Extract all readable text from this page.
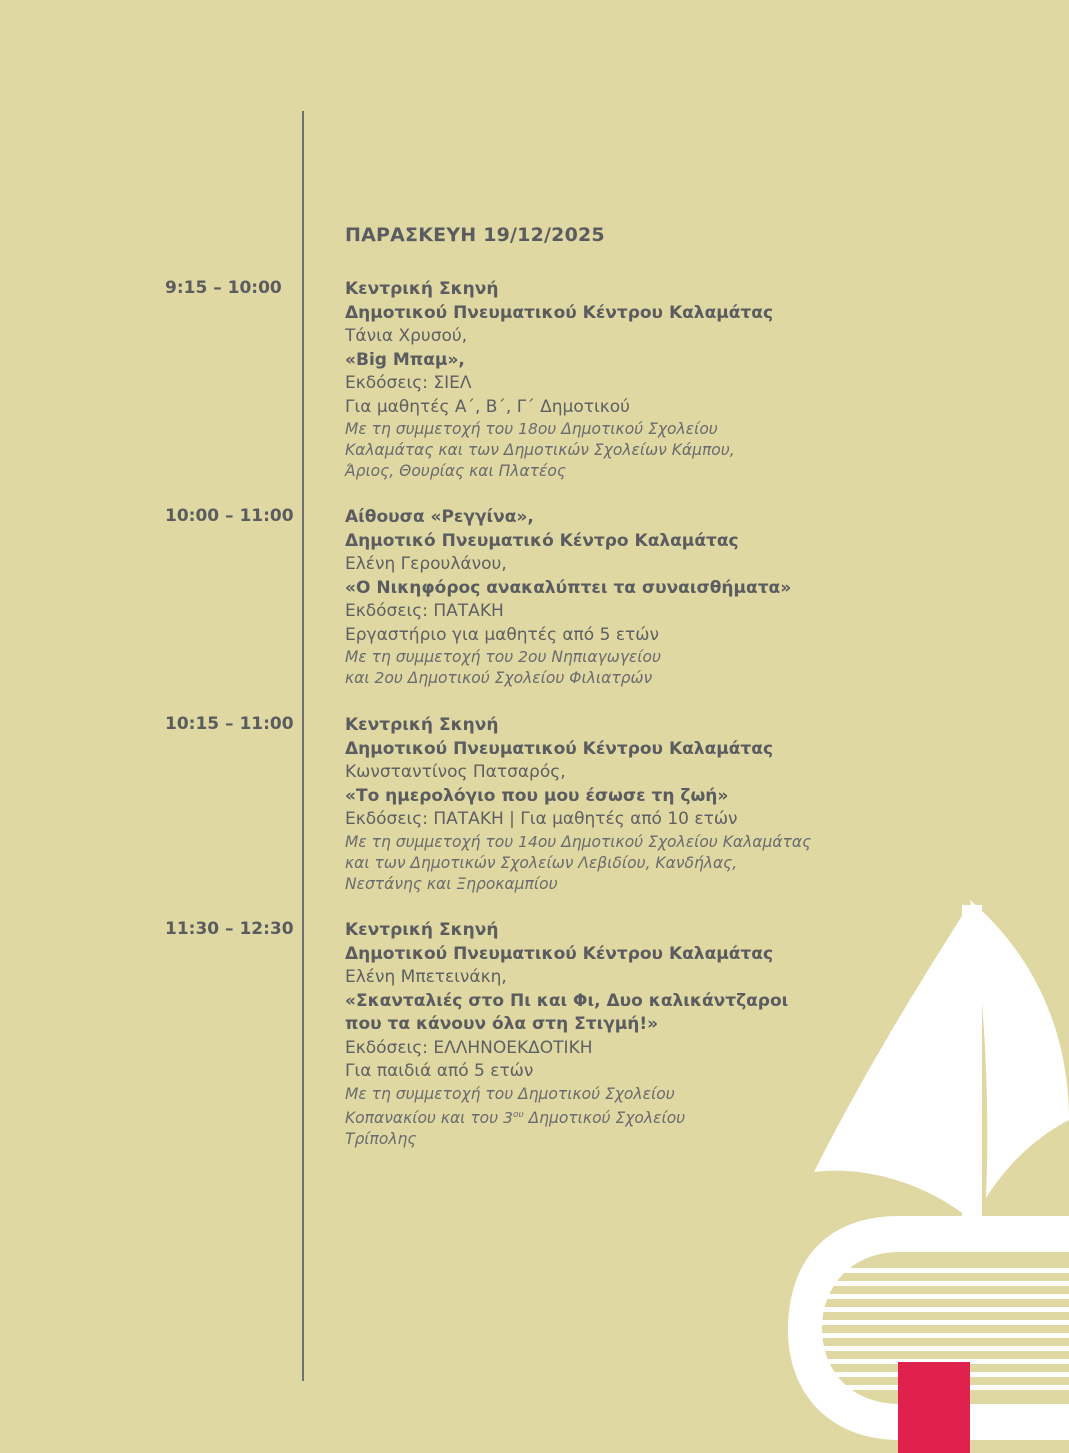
ΠΑΡΑΣΚΕΥΗ 19/12/2025
9:15 – 10:00	Κεντρική Σκηνή
Δημοτικού Πνευματικού Κέντρου Καλαμάτας
Τάνια Χρυσού,
«Big Μπαμ»,
Εκδόσεις: ΣΙΕΛ
Για μαθητές Α΄, Β΄, Γ΄ Δημοτικού
Με τη συμμετοχή του 18ου Δημοτικού Σχολείου
Καλαμάτας και των Δημοτικών Σχολείων Κάμπου,
Άριος, Θουρίας και Πλατέος
10:00 – 11:00	Αίθουσα «Ρεγγίνα»,
Δημοτικό Πνευματικό Κέντρο Καλαμάτας
Ελένη Γερουλάνου,
«Ο Νικηφόρος ανακαλύπτει τα συναισθήματα»
Εκδόσεις: ΠΑΤΑΚΗ
Εργαστήριο για μαθητές από 5 ετών
Με τη συμμετοχή του 2ου Νηπιαγωγείου
και 2ου Δημοτικού Σχολείου Φιλιατρών
10:15 – 11:00	Κεντρική Σκηνή
Δημοτικού Πνευματικού Κέντρου Καλαμάτας
Κωνσταντίνος Πατσαρός,
«Το ημερολόγιο που μου έσωσε τη ζωή»
Εκδόσεις: ΠΑΤΑΚΗ | Για μαθητές από 10 ετών
Με τη συμμετοχή του 14ου Δημοτικού Σχολείου Καλαμάτας
και των Δημοτικών Σχολείων Λεβιδίου, Κανδήλας,
Νεστάνης και Ξηροκαμπίου
11:30 – 12:30	Κεντρική Σκηνή
Δημοτικού Πνευματικού Κέντρου Καλαμάτας
Ελένη Μπετεινάκη,
«Σκανταλιές στο Πι και Φι, Δυο καλικάντζαροι
που τα κάνουν όλα στη Στιγμή!»
Εκδόσεις: ΕΛΛΗΝΟΕΚΔΟΤΙΚΗ
Για παιδιά από 5 ετών
Με τη συμμετοχή του Δημοτικού Σχολείου
Κοπανακίου και του $3^{o\upsilon}$ Δημοτικού Σχολείου
Τρίπολης
